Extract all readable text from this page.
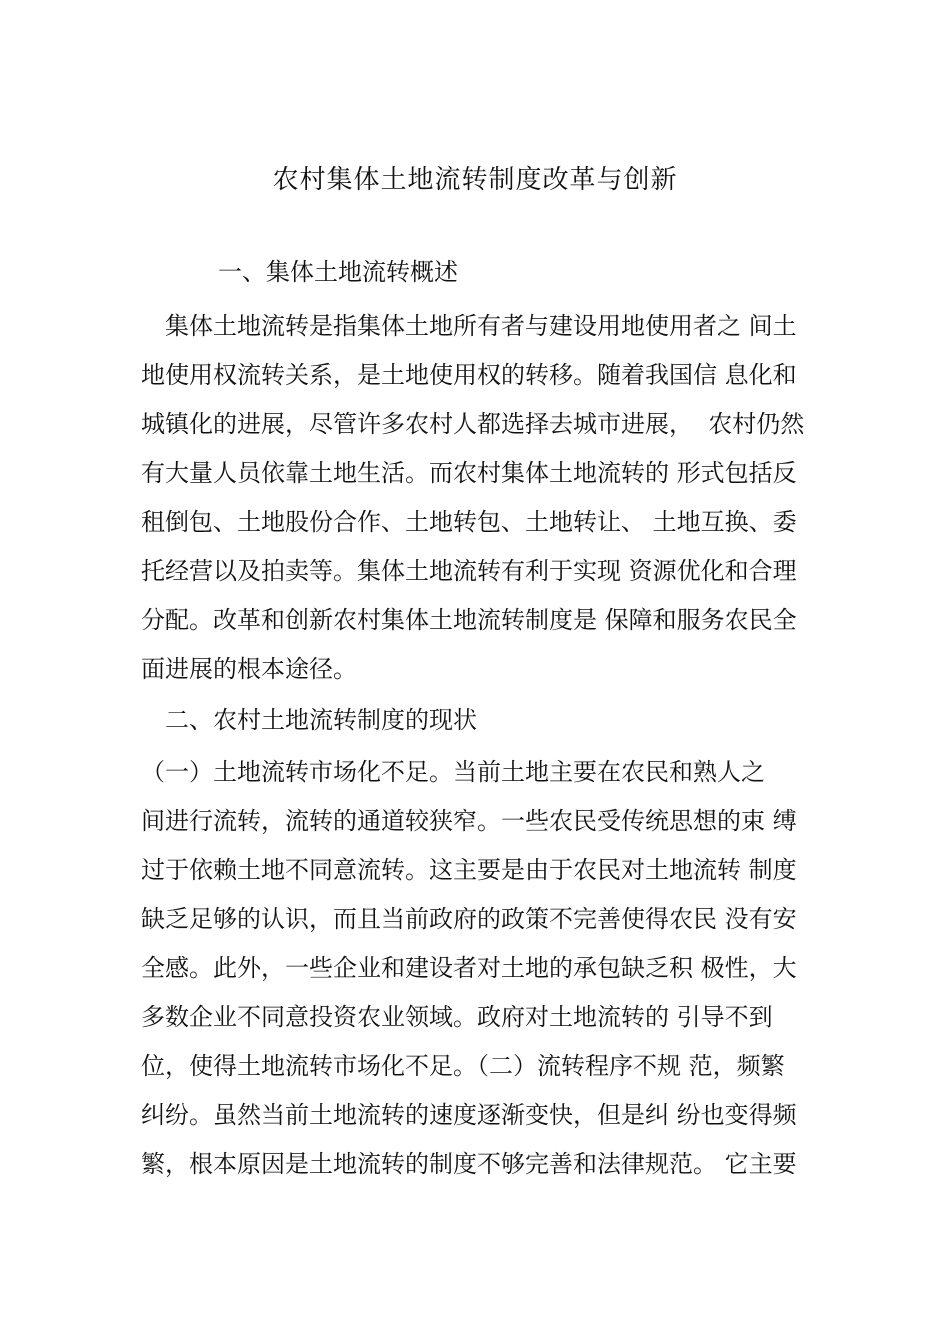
农村集体土地流转制度改革与创新
一、集体土地流转概述
集体土地流转是指集体土地所有者与建设用地使用者之 间土
地使用权流转关系，是土地使用权的转移。随着我国信 息化和
城镇化的进展，尽管许多农村人都选择去城市进展，  农村仍然
有大量人员依靠土地生活。而农村集体土地流转的 形式包括反
租倒包、土地股份合作、土地转包、土地转让、 土地互换、委
托经营以及拍卖等。集体土地流转有利于实现 资源优化和合理
分配。改革和创新农村集体土地流转制度是 保障和服务农民全
面进展的根本途径。
二、农村土地流转制度的现状
（一）土地流转市场化不足。当前土地主要在农民和熟人之
间进行流转，流转的通道较狭窄。一些农民受传统思想的束 缚
过于依赖土地不同意流转。这主要是由于农民对土地流转 制度
缺乏足够的认识，而且当前政府的政策不完善使得农民 没有安
全感。此外，一些企业和建设者对土地的承包缺乏积 极性，大
多数企业不同意投资农业领域。政府对土地流转的 引导不到
位，使得土地流转市场化不足。（二）流转程序不规 范，频繁
纠纷。虽然当前土地流转的速度逐渐变快，但是纠 纷也变得频
繁，根本原因是土地流转的制度不够完善和法律规范。 它主要
